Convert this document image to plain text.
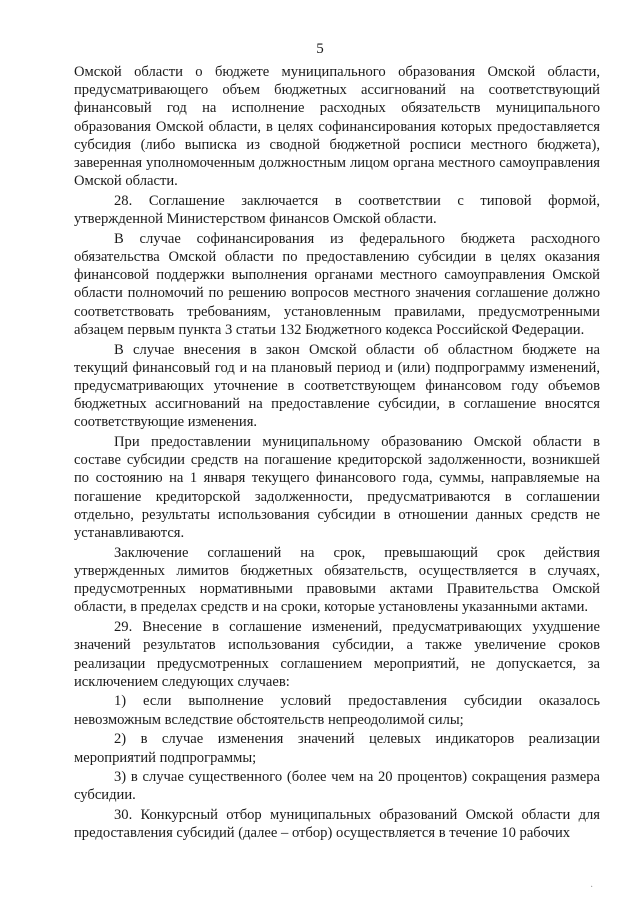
5

Омской области о бюджете муниципального образования Омской области, предусматривающего объем бюджетных ассигнований на соответствующий финансовый год на исполнение расходных обязательств муниципального образования Омской области, в целях софинансирования которых предоставляется субсидия (либо выписка из сводной бюджетной росписи местного бюджета), заверенная уполномоченным должностным лицом органа местного самоуправления Омской области.

28. Соглашение заключается в соответствии с типовой формой, утвержденной Министерством финансов Омской области.

В случае софинансирования из федерального бюджета расходного обязательства Омской области по предоставлению субсидии в целях оказания финансовой поддержки выполнения органами местного самоуправления Омской области полномочий по решению вопросов местного значения соглашение должно соответствовать требованиям, установленным правилами, предусмотренными абзацем первым пункта 3 статьи 132 Бюджетного кодекса Российской Федерации.

В случае внесения в закон Омской области об областном бюджете на текущий финансовый год и на плановый период и (или) подпрограмму изменений, предусматривающих уточнение в соответствующем финансовом году объемов бюджетных ассигнований на предоставление субсидии, в соглашение вносятся соответствующие изменения.

При предоставлении муниципальному образованию Омской области в составе субсидии средств на погашение кредиторской задолженности, возникшей по состоянию на 1 января текущего финансового года, суммы, направляемые на погашение кредиторской задолженности, предусматриваются в соглашении отдельно, результаты использования субсидии в отношении данных средств не устанавливаются.

Заключение соглашений на срок, превышающий срок действия утвержденных лимитов бюджетных обязательств, осуществляется в случаях, предусмотренных нормативными правовыми актами Правительства Омской области, в пределах средств и на сроки, которые установлены указанными актами.

29. Внесение в соглашение изменений, предусматривающих ухудшение значений результатов использования субсидии, а также увеличение сроков реализации предусмотренных соглашением мероприятий, не допускается, за исключением следующих случаев:

1) если выполнение условий предоставления субсидии оказалось невозможным вследствие обстоятельств непреодолимой силы;

2) в случае изменения значений целевых индикаторов реализации мероприятий подпрограммы;

3) в случае существенного (более чем на 20 процентов) сокращения размера субсидии.

30. Конкурсный отбор муниципальных образований Омской области для предоставления субсидий (далее – отбор) осуществляется в течение 10 рабочих

·
